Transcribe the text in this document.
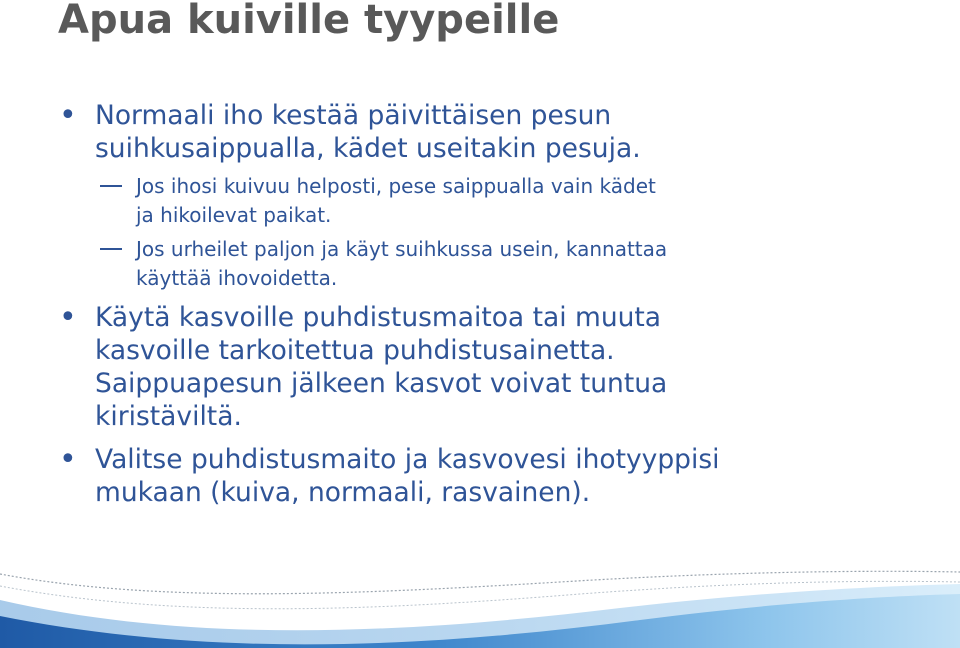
Apua kuiville tyypeille
• Normaali iho kestää päivittäisen pesun
suihkusaippualla, kädet useitakin pesuja.
Jos ihosi kuivuu helposti, pese saippualla vain kädet
ja hikoilevat paikat.
Jos urheilet paljon ja käyt suihkussa usein, kannattaa
käyttää ihovoidetta.
• Käytä kasvoille puhdistusmaitoa tai muuta
kasvoille tarkoitettua puhdistusainetta.
Saippuapesun jälkeen kasvot voivat tuntua
kiristäviltä.
• Valitse puhdistusmaito ja kasvovesi ihotyyppisi
mukaan (kuiva, normaali, rasvainen).
